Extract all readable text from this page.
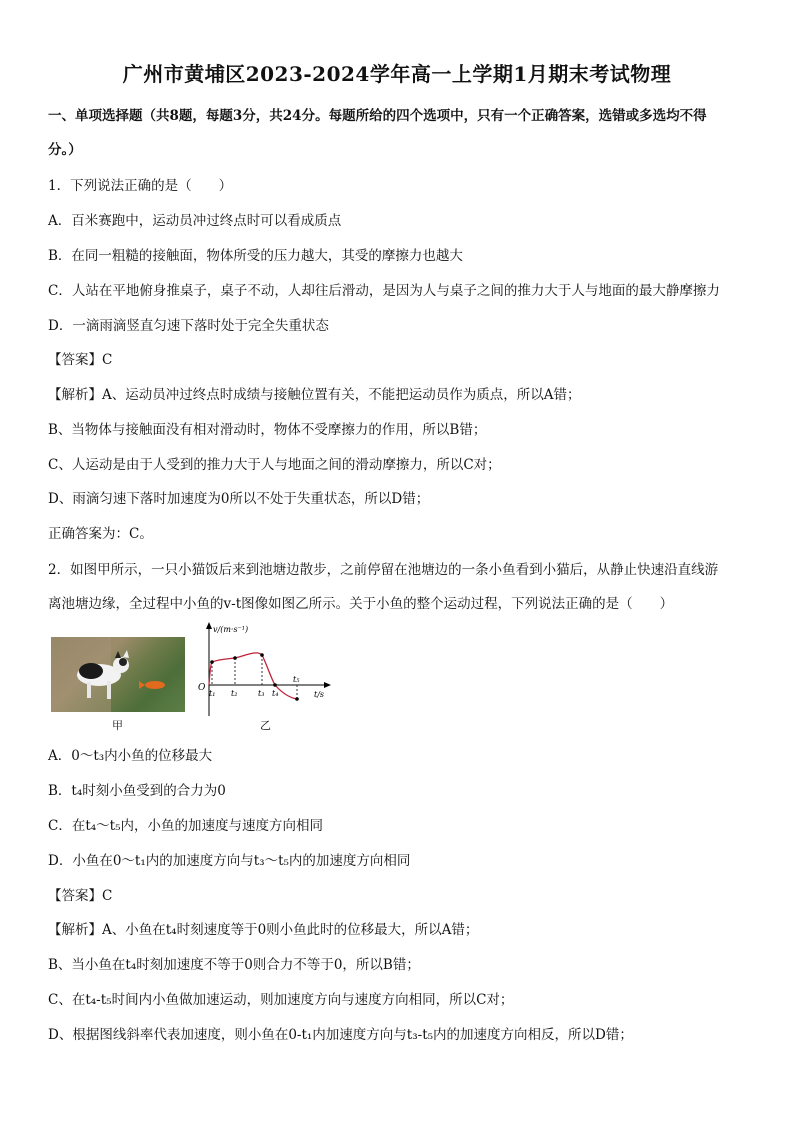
广州市黄埔区2023-2024学年高一上学期1月期末考试物理
一、单项选择题（共8题，每题3分，共24分。每题所给的四个选项中，只有一个正确答案，选错或多选均不得
分。）
1．下列说法正确的是（　　）
A．百米赛跑中，运动员冲过终点时可以看成质点
B．在同一粗糙的接触面，物体所受的压力越大，其受的摩擦力也越大
C．人站在平地俯身推桌子，桌子不动，人却往后滑动，是因为人与桌子之间的推力大于人与地面的最大静摩擦力
D．一滴雨滴竖直匀速下落时处于完全失重状态
【答案】C
【解析】A、运动员冲过终点时成绩与接触位置有关，不能把运动员作为质点，所以A错；
B、当物体与接触面没有相对滑动时，物体不受摩擦力的作用，所以B错；
C、人运动是由于人受到的推力大于人与地面之间的滑动摩擦力，所以C对；
D、雨滴匀速下落时加速度为0所以不处于失重状态，所以D错；
正确答案为：C。
2．如图甲所示，一只小猫饭后来到池塘边散步，之前停留在池塘边的一条小鱼看到小猫后，从静止快速沿直线游
离池塘边缘，全过程中小鱼的v-t图像如图乙所示。关于小鱼的整个运动过程，下列说法正确的是（　　）
甲
v/(m·s⁻¹)
t/s
O
t₁ t₂	t₃ t₄
t₅
乙
A．0～t₃内小鱼的位移最大
B．t₄时刻小鱼受到的合力为0
C．在t₄～t₅内，小鱼的加速度与速度方向相同
D．小鱼在0～t₁内的加速度方向与t₃～t₅内的加速度方向相同
【答案】C
【解析】A、小鱼在t₄时刻速度等于0则小鱼此时的位移最大，所以A错；
B、当小鱼在t₄时刻加速度不等于0则合力不等于0，所以B错；
C、在t₄-t₅时间内小鱼做加速运动，则加速度方向与速度方向相同，所以C对；
D、根据图线斜率代表加速度，则小鱼在0-t₁内加速度方向与t₃-t₅内的加速度方向相反，所以D错；
